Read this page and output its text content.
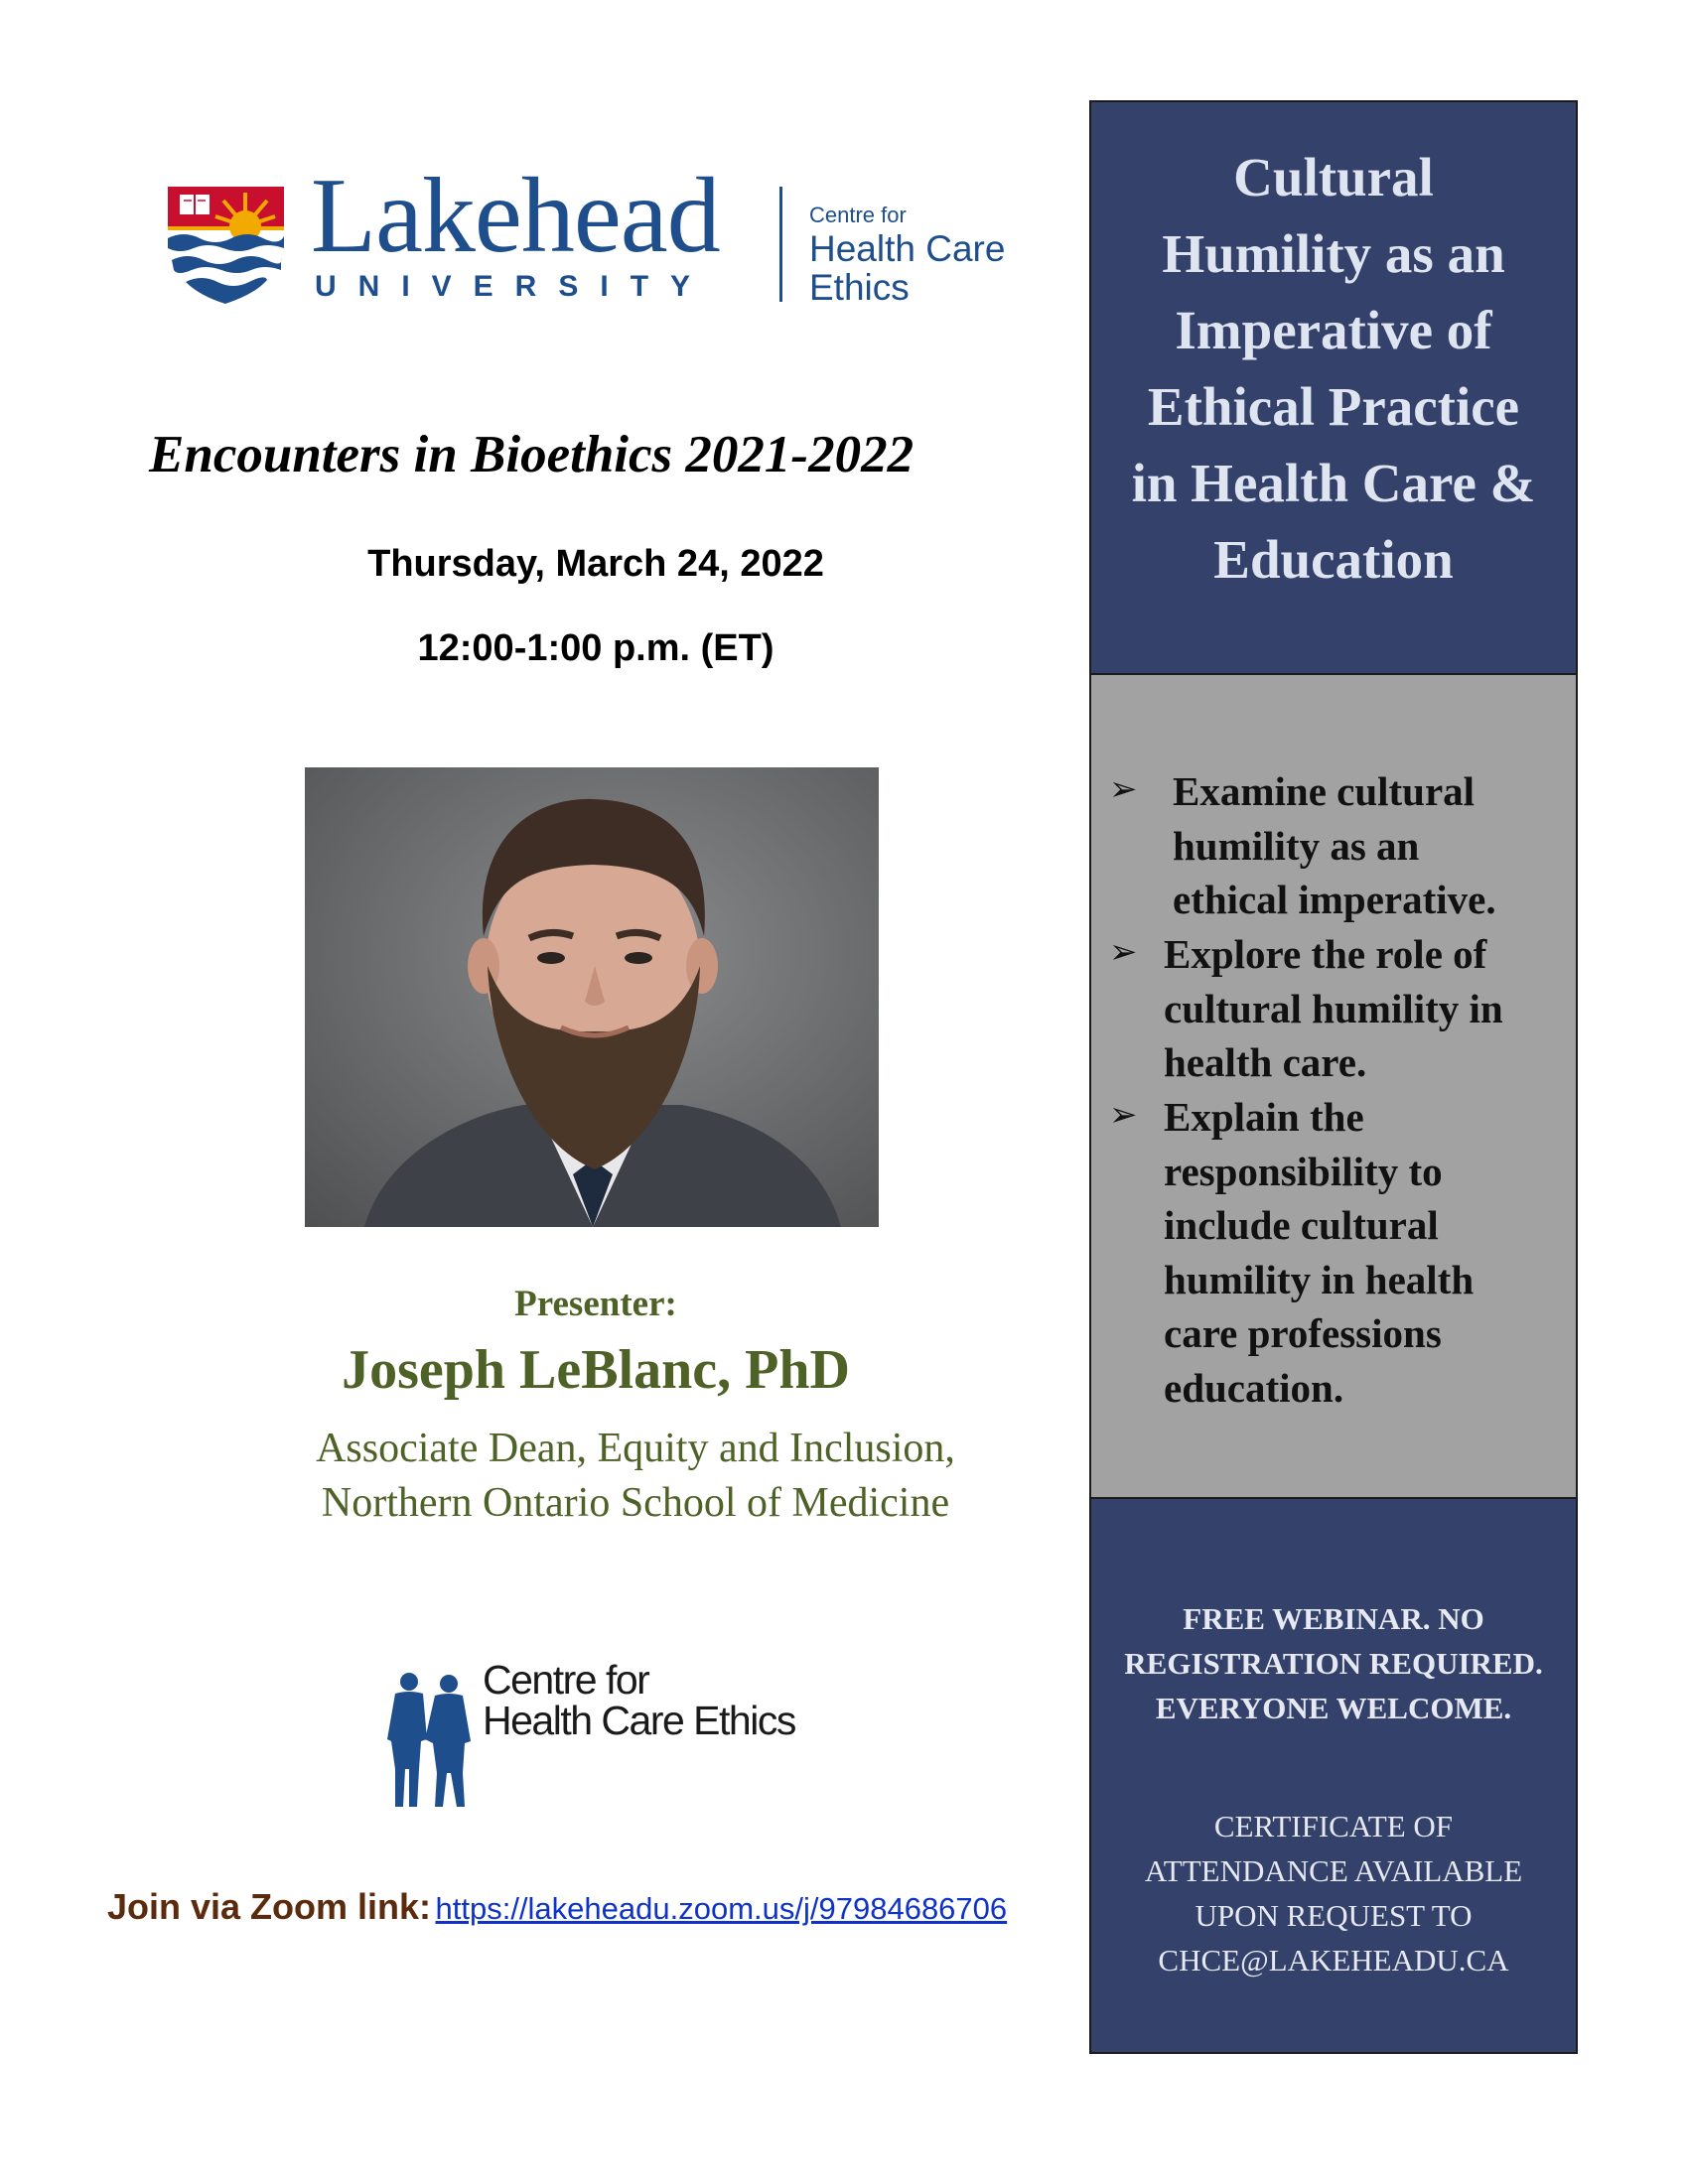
Lakehead
UNIVERSITY
Centre for
Health Care
Ethics
Encounters in Bioethics 2021-2022
Thursday, March 24, 2022
12:00-1:00 p.m. (ET)
Presenter:
Joseph LeBlanc, PhD
Associate Dean, Equity and Inclusion,
Northern Ontario School of Medicine
Centre for
Health Care Ethics
Join via Zoom link: https://lakeheadu.zoom.us/j/97984686706
Cultural
Humility as an
Imperative of
Ethical Practice
in Health Care &
Education
➢ Examine cultural
humility as an
ethical imperative.
➢ Explore the role of
cultural humility in
health care.
➢ Explain the
responsibility to
include cultural
humility in health
care professions
education.
FREE WEBINAR. NO
REGISTRATION REQUIRED.
EVERYONE WELCOME.
CERTIFICATE OF
ATTENDANCE AVAILABLE
UPON REQUEST TO
CHCE@LAKEHEADU.CA
